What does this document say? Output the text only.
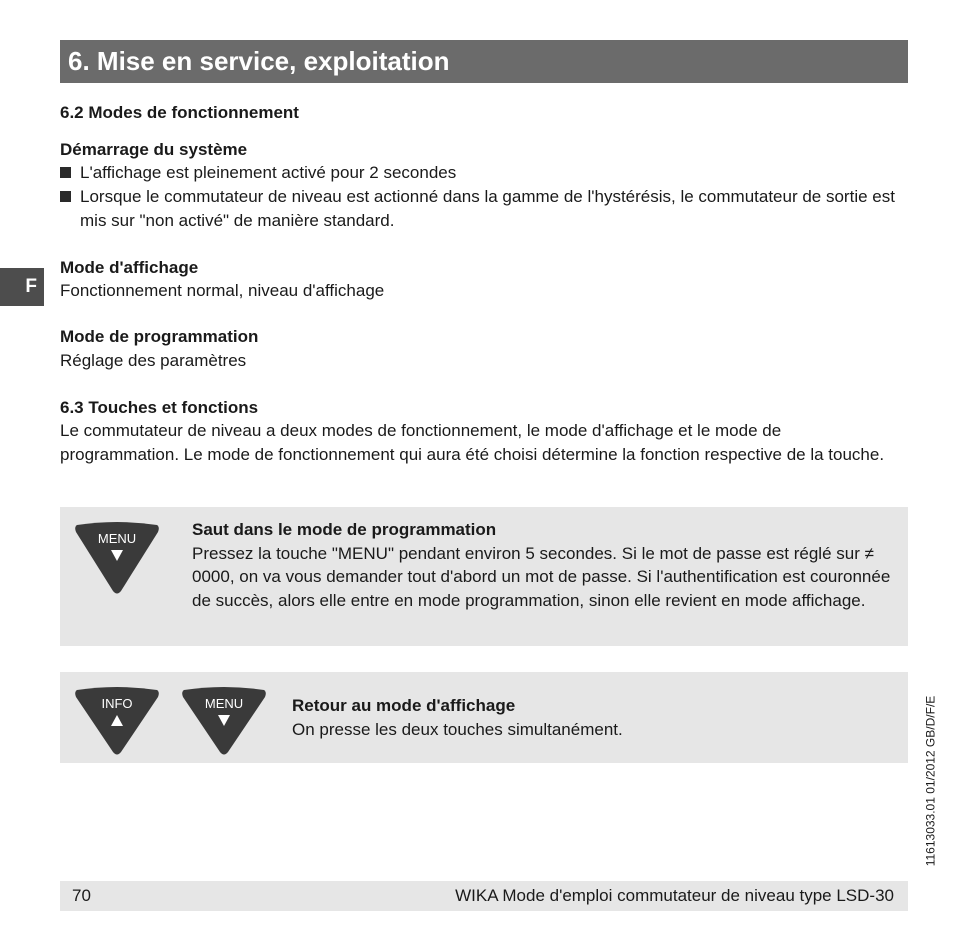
6. Mise en service, exploitation
F
6.2 Modes de fonctionnement
Démarrage du système
L'affichage est pleinement activé pour 2 secondes
Lorsque le commutateur de niveau est actionné dans la gamme de l'hystérésis, le commutateur de sortie est mis sur "non activé" de manière standard.
Mode d'affichage
Fonctionnement normal, niveau d'affichage
Mode de programmation
Réglage des paramètres
6.3 Touches et fonctions
Le commutateur de niveau a deux modes de fonctionnement, le mode d'affichage et le mode de programmation. Le mode de fonctionnement qui aura été choisi détermine la fonction respective de la touche.
MENU	Saut dans le mode de programmation
Pressez la touche "MENU" pendant environ 5 secondes. Si le mot de passe est réglé sur ≠ 0000, on va vous demander tout d'abord un mot de passe. Si l'authentification est couronnée de succès, alors elle entre en mode programmation, sinon elle revient en mode affichage.
INFO	MENU	Retour au mode d'affichage
On presse les deux touches simultanément.	11613033.01 01/2012 GB/D/F/E
70	WIKA Mode d'emploi commutateur de niveau type LSD-30
